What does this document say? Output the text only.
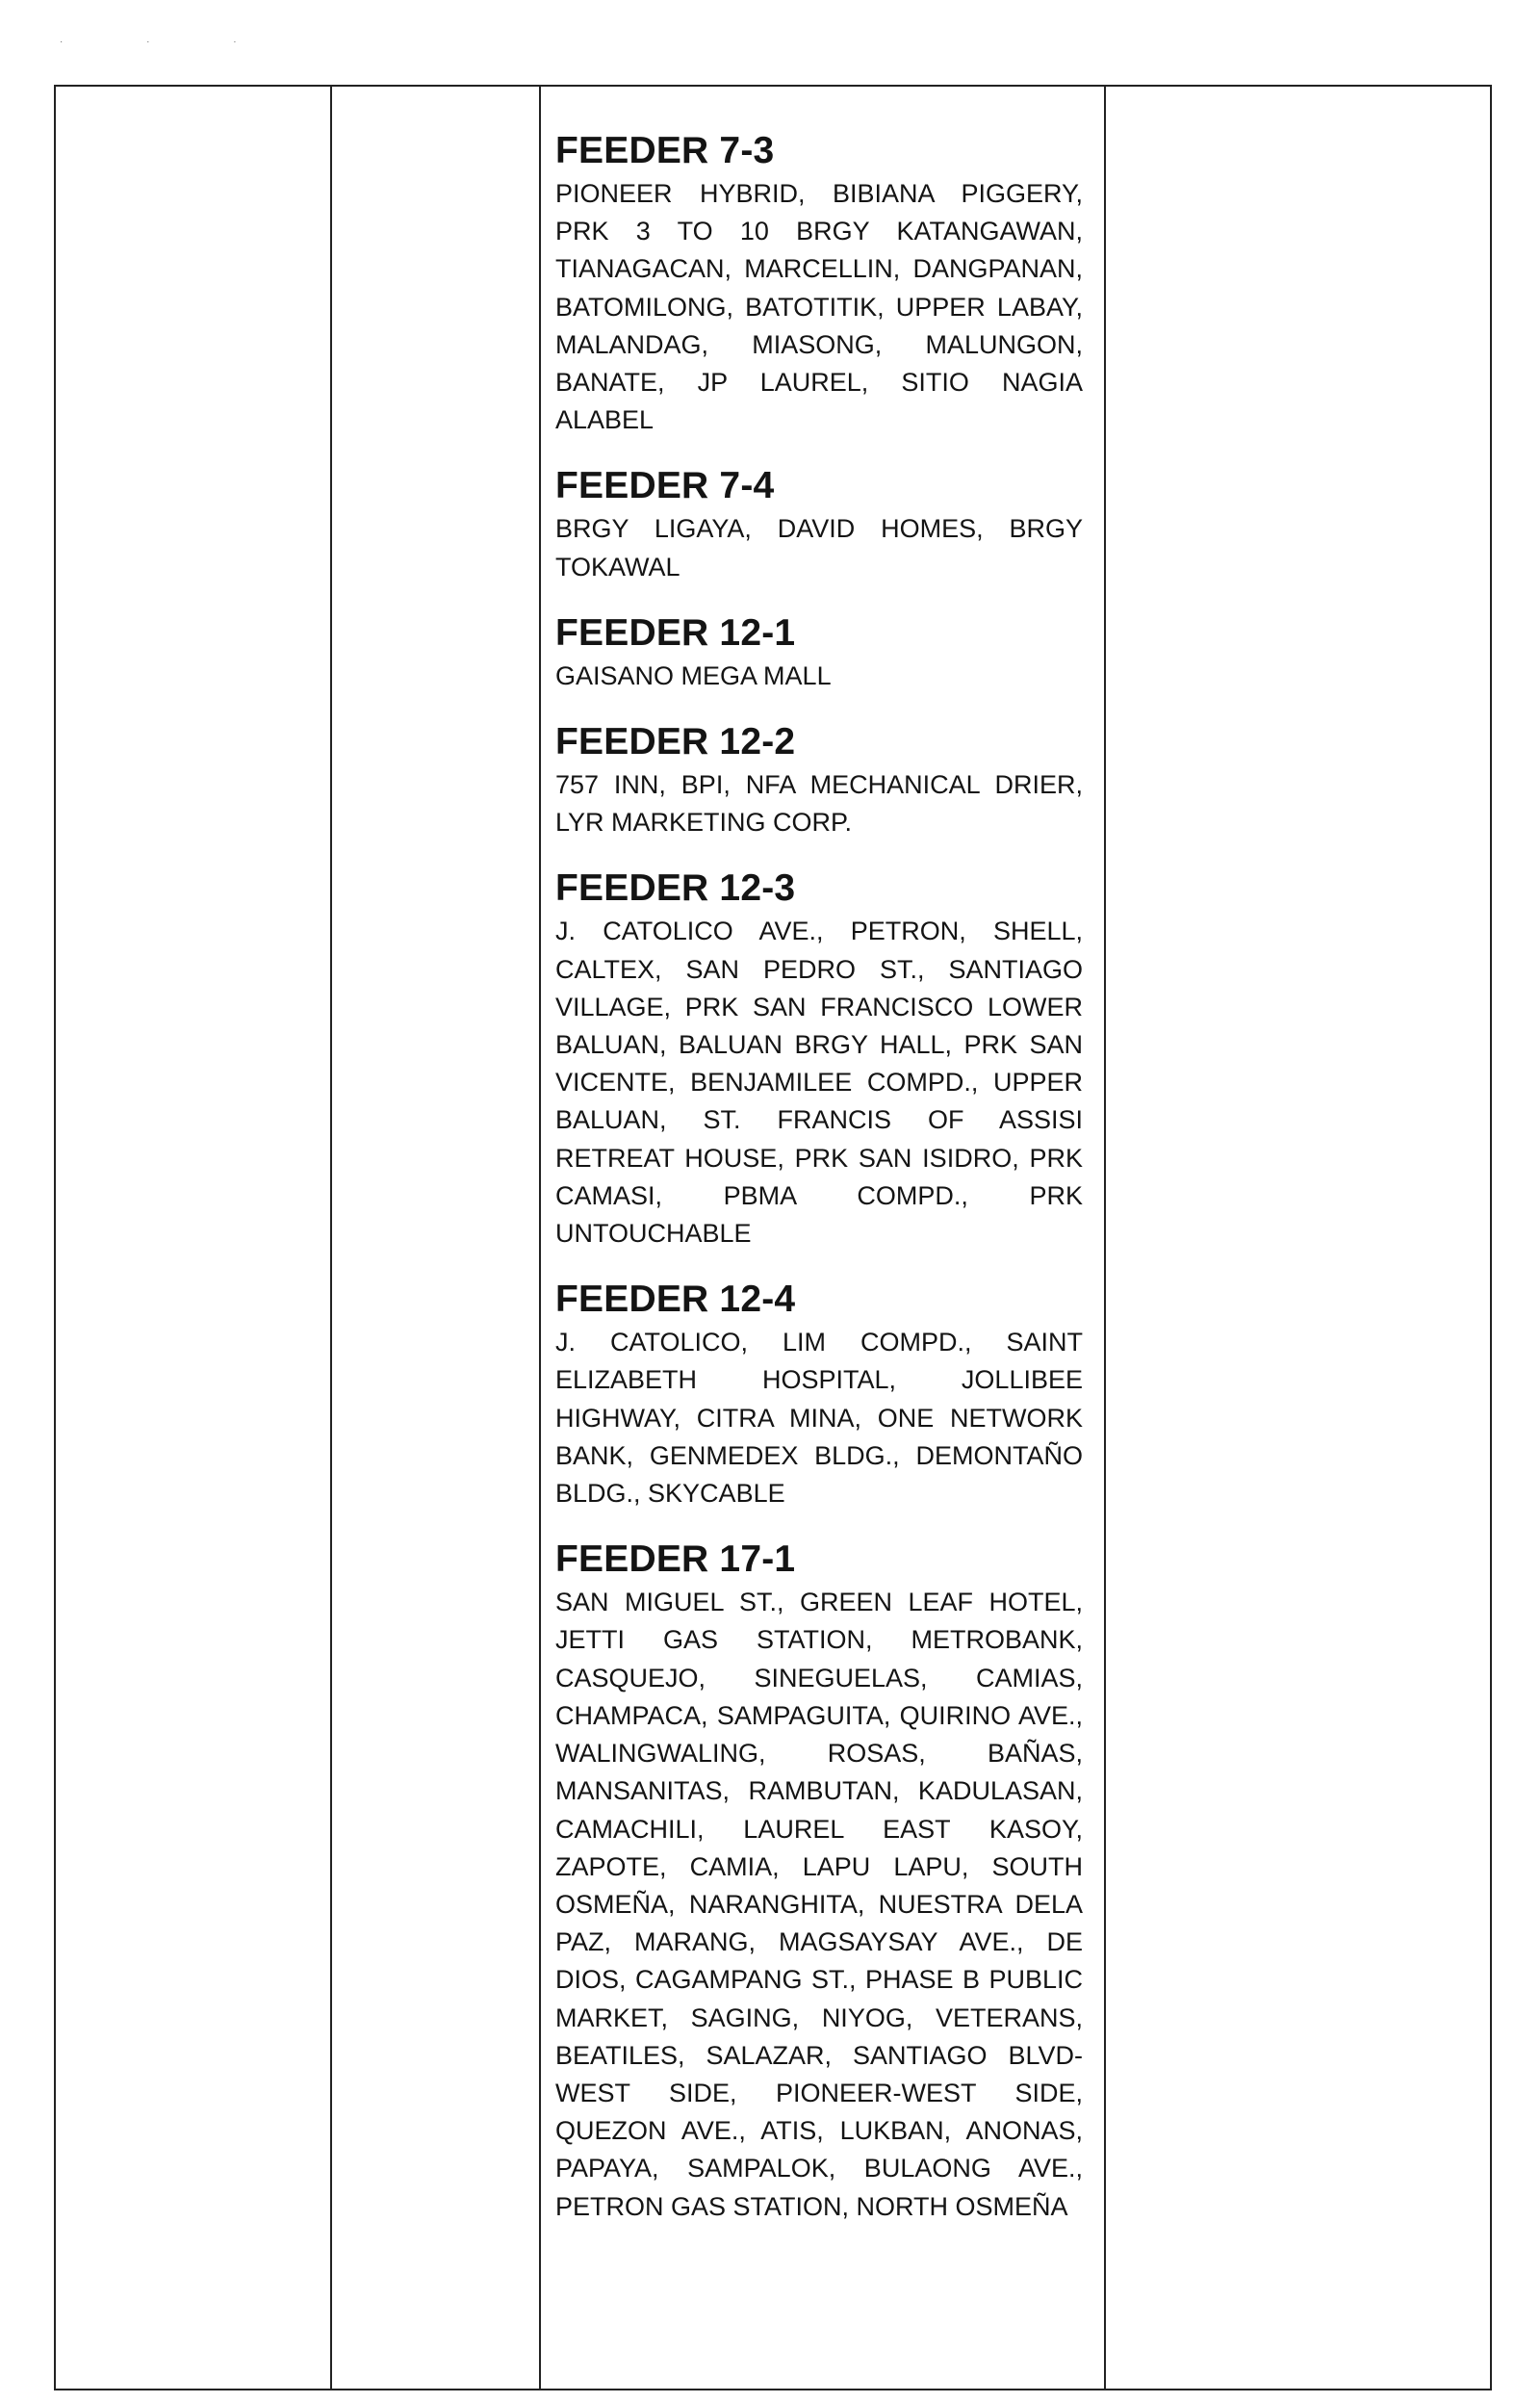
· · ·

FEEDER 7-3

PIONEER HYBRID, BIBIANA PIGGERY, PRK 3 TO 10 BRGY KATANGAWAN, TIANAGACAN, MARCELLIN, DANGPANAN, BATOMILONG, BATOTITIK, UPPER LABAY, MALANDAG, MIASONG, MALUNGON, BANATE, JP LAUREL, SITIO NAGIA ALABEL

FEEDER 7-4

BRGY LIGAYA, DAVID HOMES, BRGY TOKAWAL

FEEDER 12-1

GAISANO MEGA MALL

FEEDER 12-2

757 INN, BPI, NFA MECHANICAL DRIER, LYR MARKETING CORP.

FEEDER 12-3

J. CATOLICO AVE., PETRON, SHELL, CALTEX, SAN PEDRO ST., SANTIAGO VILLAGE, PRK SAN FRANCISCO LOWER BALUAN, BALUAN BRGY HALL, PRK SAN VICENTE, BENJAMILEE COMPD., UPPER BALUAN, ST. FRANCIS OF ASSISI RETREAT HOUSE, PRK SAN ISIDRO, PRK CAMASI, PBMA COMPD., PRK UNTOUCHABLE

FEEDER 12-4

J. CATOLICO, LIM COMPD., SAINT ELIZABETH HOSPITAL, JOLLIBEE HIGHWAY, CITRA MINA, ONE NETWORK BANK, GENMEDEX BLDG., DEMONTAÑO BLDG., SKYCABLE

FEEDER 17-1

SAN MIGUEL ST., GREEN LEAF HOTEL, JETTI GAS STATION, METROBANK, CASQUEJO, SINEGUELAS, CAMIAS, CHAMPACA, SAMPAGUITA, QUIRINO AVE., WALINGWALING, ROSAS, BAÑAS, MANSANITAS, RAMBUTAN, KADULASAN, CAMACHILI, LAUREL EAST KASOY, ZAPOTE, CAMIA, LAPU LAPU, SOUTH OSMEÑA, NARANGHITA, NUESTRA DELA PAZ, MARANG, MAGSAYSAY AVE., DE DIOS, CAGAMPANG ST., PHASE B PUBLIC MARKET, SAGING, NIYOG, VETERANS, BEATILES, SALAZAR, SANTIAGO BLVD-WEST SIDE, PIONEER-WEST SIDE, QUEZON AVE., ATIS, LUKBAN, ANONAS, PAPAYA, SAMPALOK, BULAONG AVE., PETRON GAS STATION, NORTH OSMEÑA
